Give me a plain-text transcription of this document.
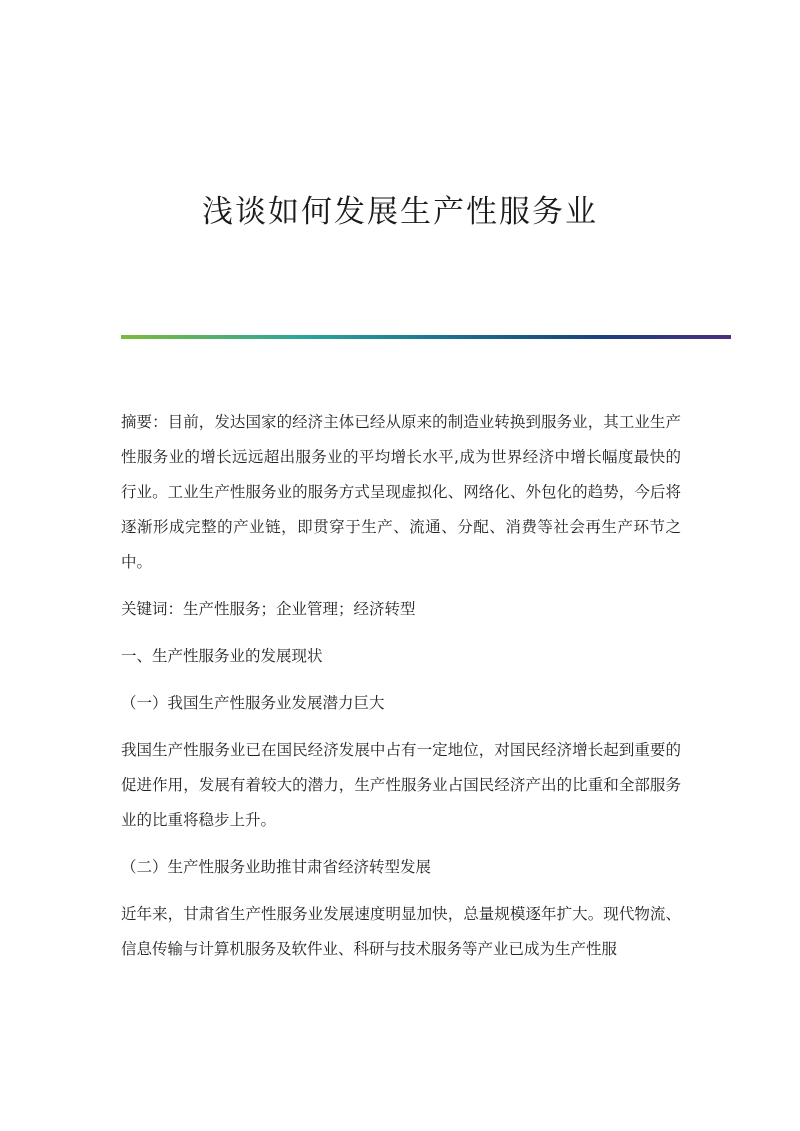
浅谈如何发展生产性服务业

摘要：目前，发达国家的经济主体已经从原来的制造业转换到服务业，其工业生产性服务业的增长远远超出服务业的平均增长水平,成为世界经济中增长幅度最快的行业。工业生产性服务业的服务方式呈现虚拟化、网络化、外包化的趋势，今后将逐渐形成完整的产业链，即贯穿于生产、流通、分配、消费等社会再生产环节之中。

关键词：生产性服务；企业管理；经济转型

一、生产性服务业的发展现状

（一）我国生产性服务业发展潜力巨大

我国生产性服务业已在国民经济发展中占有一定地位，对国民经济增长起到重要的促进作用，发展有着较大的潜力，生产性服务业占国民经济产出的比重和全部服务业的比重将稳步上升。

（二）生产性服务业助推甘肃省经济转型发展

近年来，甘肃省生产性服务业发展速度明显加快，总量规模逐年扩大。现代物流、信息传输与计算机服务及软件业、科研与技术服务等产业已成为生产性服
